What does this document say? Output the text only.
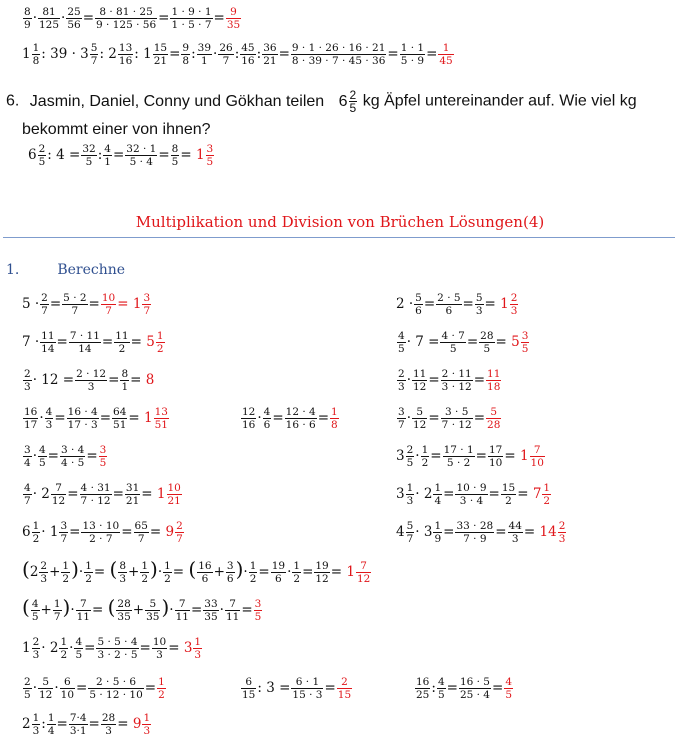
$\frac{8}{9} \cdot \frac{81}{125} \cdot \frac{25}{56} = \frac{8 \cdot 81 \cdot 25}{9 \cdot 125 \cdot 56} = \frac{1 \cdot 9 \cdot 1}{1 \cdot 5 \cdot 7} = \frac{9}{35}$
$1 \frac{1}{8}$ : $39 \cdot 3 \frac{5}{7}$ : $2 \frac{13}{16}$ : $1 \frac{15}{21} = \frac{9}{8}$ : $\frac{39}{1} \cdot \frac{26}{7}$ : $\frac{45}{16}$ : $\frac{36}{21} = \frac{9 \cdot 1 \cdot 26 \cdot 16 \cdot 21}{8 \cdot 39 \cdot 7 \cdot 45 \cdot 36} = \frac{1 \cdot 1}{5 \cdot 9} = \frac{1}{45}$
6. Jasmin, Daniel, Conny und Gökhan teilen $6 \frac{2}{5}$ kg Äpfel untereinander auf. Wie viel kg
bekommt einer von ihnen?
$6 \frac{2}{5}$ : $4 = \frac{32}{5}$ : $\frac{4}{1} = \frac{32 \cdot 1}{5 \cdot 4} = \frac{8}{5} = 1 \frac{3}{5}$
Multiplikation und Division von Brüchen Lösungen(4)
1.	Berechne
$5 \cdot \frac{2}{7} = \frac{5 \cdot 2}{7} = \frac{10}{7} = 1 \frac{3}{7}$	$2 \cdot \frac{5}{6} = \frac{2 \cdot 5}{6} = \frac{5}{3} = 1 \frac{2}{3}$
$7 \cdot \frac{11}{14} = \frac{7 \cdot 11}{14} = \frac{11}{2} = 5 \frac{1}{2}$	$\frac{4}{5} \cdot 7 = \frac{4 \cdot 7}{5} = \frac{28}{5} = 5 \frac{3}{5}$
$\frac{2}{3} \cdot 12 = \frac{2 \cdot 12}{3} = \frac{8}{1} = 8$	$\frac{2}{3} \cdot \frac{11}{12} = \frac{2 \cdot 11}{3 \cdot 12} = \frac{11}{18}$
$\frac{16}{17} \cdot \frac{4}{3} = \frac{16 \cdot 4}{17 \cdot 3} = \frac{64}{51} = 1 \frac{13}{51}$	$\frac{12}{16} \cdot \frac{4}{6} = \frac{12 \cdot 4}{16 \cdot 6} = \frac{1}{8}$	$\frac{3}{7} \cdot \frac{5}{12} = \frac{3 \cdot 5}{7 \cdot 12} = \frac{5}{28}$
$\frac{3}{4} \cdot \frac{4}{5} = \frac{3 \cdot 4}{4 \cdot 5} = \frac{3}{5}$	$3 \frac{2}{5} \cdot \frac{1}{2} = \frac{17 \cdot 1}{5 \cdot 2} = \frac{17}{10} = 1 \frac{7}{10}$
$\frac{4}{7} \cdot 2 \frac{7}{12} = \frac{4 \cdot 31}{7 \cdot 12} = \frac{31}{21} = 1 \frac{10}{21}$	$3 \frac{1}{3} \cdot 2 \frac{1}{4} = \frac{10 \cdot 9}{3 \cdot 4} = \frac{15}{2} = 7 \frac{1}{2}$
$6 \frac{1}{2} \cdot 1 \frac{3}{7} = \frac{13 \cdot 10}{2 \cdot 7} = \frac{65}{7} = 9 \frac{2}{7}$	$4 \frac{5}{7} \cdot 3 \frac{1}{9} = \frac{33 \cdot 28}{7 \cdot 9} = \frac{44}{3} = 14 \frac{2}{3}$
($2 \frac{2}{3} + \frac{1}{2}$ )· $\frac{1}{2}$ = ( $\frac{8}{3} + \frac{1}{2}$ )· $\frac{1}{2}$ = ( $\frac{16}{6} + \frac{3}{6}$ )· $\frac{1}{2} = \frac{19}{6} \cdot \frac{1}{2} = \frac{19}{12} = 1 \frac{7}{12}$
( $\frac{4}{5} + \frac{1}{7}$ )· $\frac{7}{11}$ = ( $\frac{28}{35} + \frac{5}{35}$ )· $\frac{7}{11} = \frac{33}{35} \cdot \frac{7}{11} = \frac{3}{5}$
$1 \frac{2}{3} \cdot 2 \frac{1}{2} \cdot \frac{4}{5} = \frac{5 \cdot 5 \cdot 4}{3 \cdot 2 \cdot 5} = \frac{10}{3} = 3 \frac{1}{3}$
$\frac{2}{5} \cdot \frac{5}{12} \cdot \frac{6}{10} = \frac{2 \cdot 5 \cdot 6}{5 \cdot 12 \cdot 10} = \frac{1}{2}$	$\frac{6}{15}$ : $3 = \frac{6 \cdot 1}{15 \cdot 3} = \frac{2}{15}$	$\frac{16}{25}$ : $\frac{4}{5} = \frac{16 \cdot 5}{25 \cdot 4} = \frac{4}{5}$
$2 \frac{1}{3}$ : $\frac{1}{4} = \frac{7\cdot 4}{3\cdot 1} = \frac{28}{3} = 9 \frac{1}{3}$
